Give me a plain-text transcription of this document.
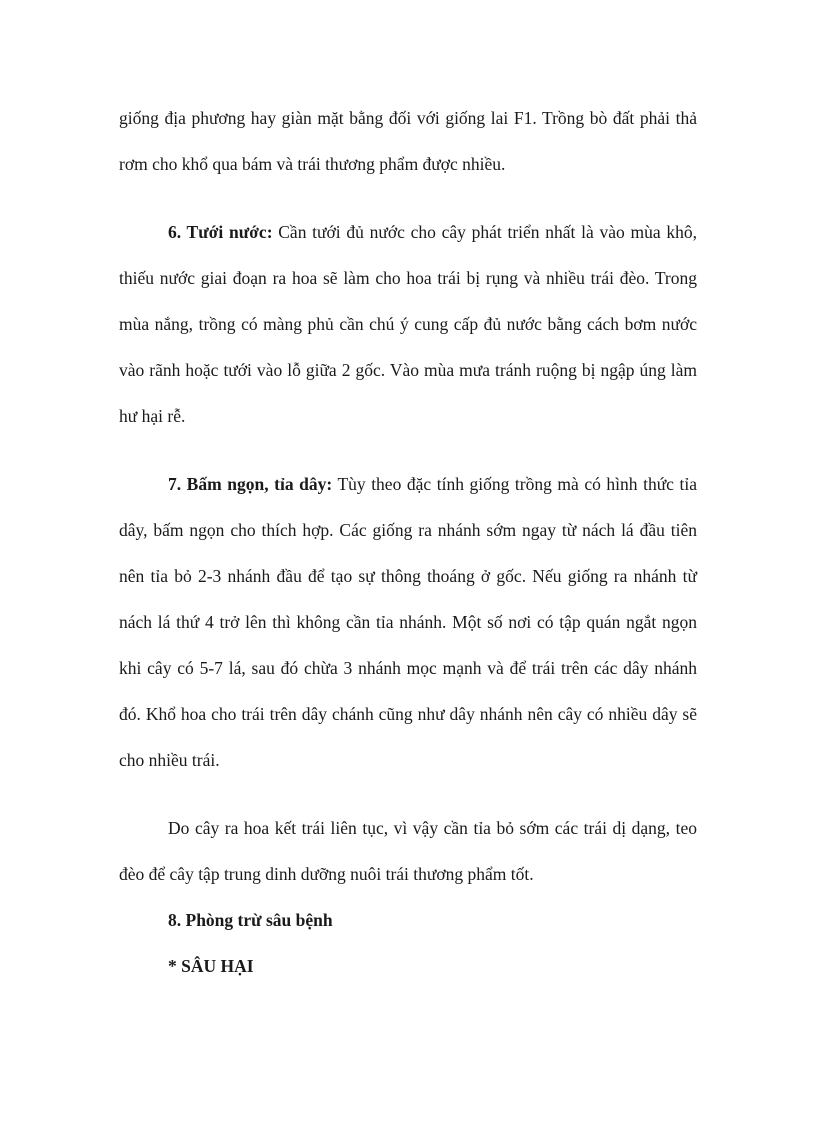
giống địa phương hay giàn mặt bằng đối với giống lai F1. Trồng bò đất phải thả rơm cho khổ qua bám và trái thương phẩm được nhiều.

6. Tưới nước: Cần tưới đủ nước cho cây phát triển nhất là vào mùa khô, thiếu nước giai đoạn ra hoa sẽ làm cho hoa trái bị rụng và nhiều trái đèo. Trong mùa nắng, trồng có màng phủ cần chú ý cung cấp đủ nước bằng cách bơm nước vào rãnh hoặc tưới vào lỗ giữa 2 gốc. Vào mùa mưa tránh ruộng bị ngập úng làm hư hại rễ.

7. Bấm ngọn, tỉa dây: Tùy theo đặc tính giống trồng mà có hình thức tỉa dây, bấm ngọn cho thích hợp. Các giống ra nhánh sớm ngay từ nách lá đầu tiên nên tỉa bỏ 2-3 nhánh đầu để tạo sự thông thoáng ở gốc. Nếu giống ra nhánh từ nách lá thứ 4 trở lên thì không cần tỉa nhánh. Một số nơi có tập quán ngắt ngọn khi cây có 5-7 lá, sau đó chừa 3 nhánh mọc mạnh và để trái trên các dây nhánh đó. Khổ hoa cho trái trên dây chánh cũng như dây nhánh nên cây có nhiều dây sẽ cho nhiều trái.

Do cây ra hoa kết trái liên tục, vì vậy cần tỉa bỏ sớm các trái dị dạng, teo đèo để cây tập trung dinh dưỡng nuôi trái thương phẩm tốt.

8. Phòng trừ sâu bệnh

* SÂU HẠI
